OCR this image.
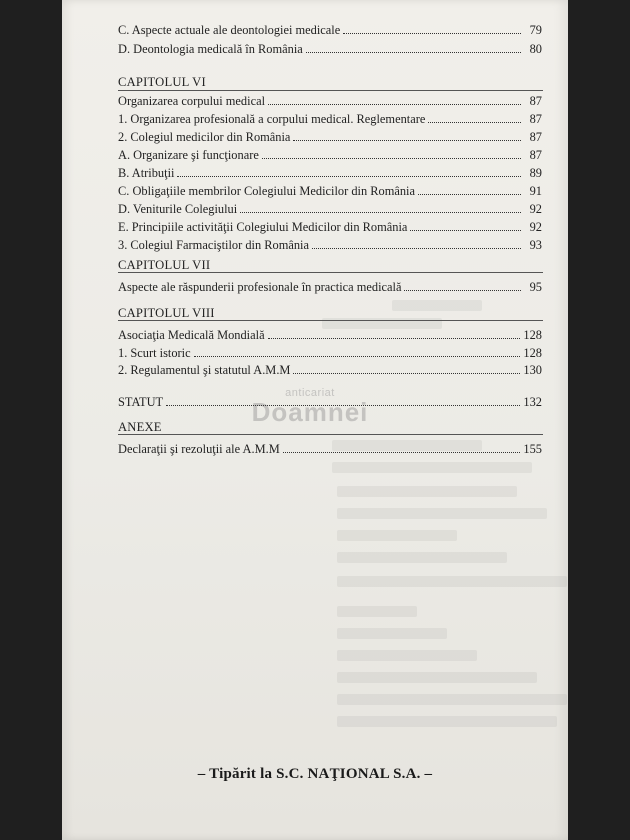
anticariat
Doamnei
C. Aspecte actuale ale deontologiei medicale	79
D. Deontologia medicală în România	80
CAPITOLUL VI
Organizarea corpului medical	87
1. Organizarea profesională a corpului medical. Reglementare	87
2. Colegiul medicilor din România	87
A. Organizare şi funcţionare	87
B. Atribuţii	89
C. Obligaţiile membrilor Colegiului Medicilor din România	91
D. Veniturile Colegiului	92
E. Principiile activităţii Colegiului Medicilor din România	92
3. Colegiul Farmaciştilor din România	93
CAPITOLUL VII
Aspecte ale răspunderii profesionale în practica medicală	95
CAPITOLUL VIII
Asociaţia Medicală Mondială	128
1. Scurt istoric	128
2. Regulamentul şi statutul A.M.M	130
STATUT	132
ANEXE
Declaraţii şi rezoluţii ale A.M.M	155
– Tipărit la S.C. NAŢIONAL S.A. –
